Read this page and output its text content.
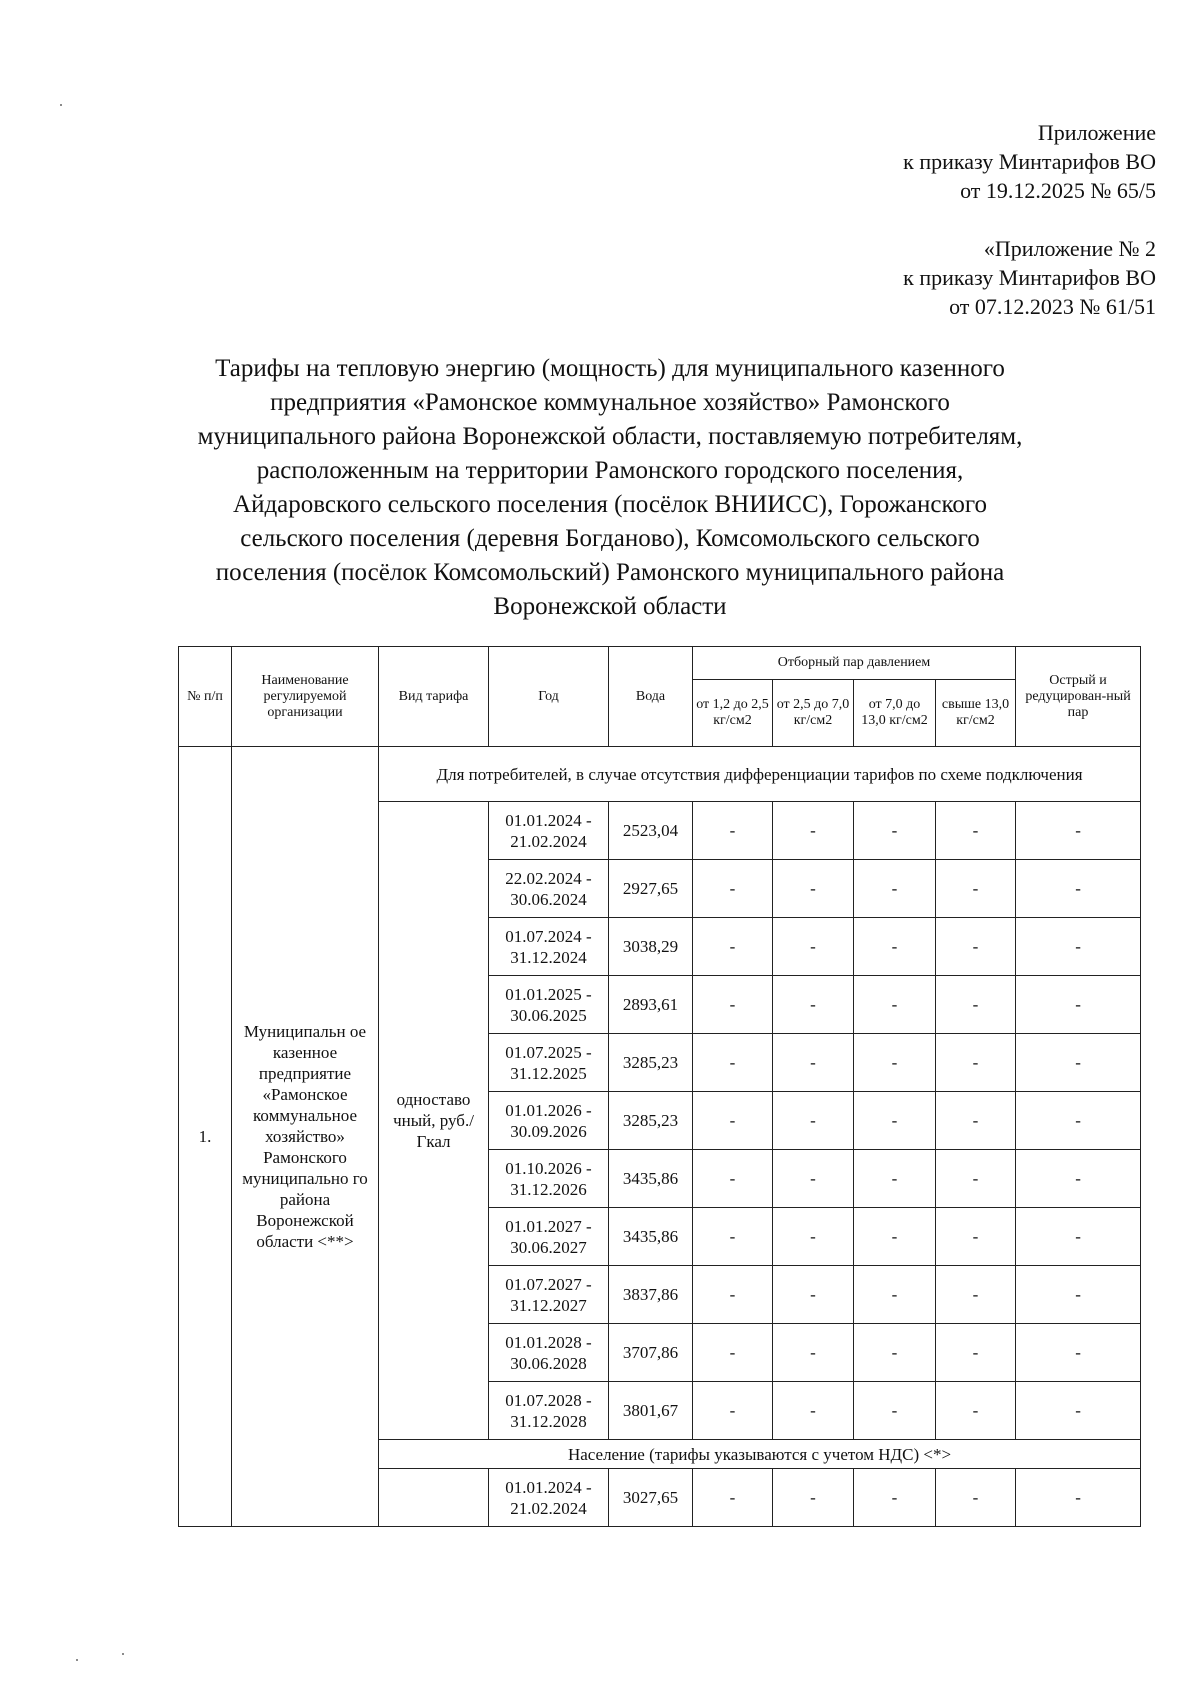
Приложение
к приказу Минтарифов ВО
от 19.12.2025 № 65/5
«Приложение № 2
к приказу Минтарифов ВО
от 07.12.2023 № 61/51
Тарифы на тепловую энергию (мощность) для муниципального казенного
предприятия «Рамонское коммунальное хозяйство» Рамонского
муниципального района Воронежской области, поставляемую потребителям,
расположенным на территории Рамонского городского поселения,
Айдаровского сельского поселения (посёлок ВНИИСС), Горожанского
сельского поселения (деревня Богданово), Комсомольского сельского
поселения (посёлок Комсомольский) Рамонского муниципального района
Воронежской области
№ п/п	Наименование регулируемой организации	Вид тарифа	Год	Вода	Отборный пар давлением				Острый и редуцирован-ный пар
					от 1,2 до 2,5 кг/см2	от 2,5 до 7,0 кг/см2	от 7,0 до 13,0 кг/см2	свыше 13,0 кг/см2	
1.	Муниципальн ое казенное предприятие «Рамонское коммунальное хозяйство» Рамонского муниципально го района Воронежской области <**>	Для потребителей, в случае отсутствия дифференциации тарифов по схеме подключения							
		одноставо чный, руб./Гкал	01.01.2024 - 21.02.2024	2523,04	-	-	-	-	-
			22.02.2024 - 30.06.2024	2927,65	-	-	-	-	-
			01.07.2024 - 31.12.2024	3038,29	-	-	-	-	-
			01.01.2025 - 30.06.2025	2893,61	-	-	-	-	-
			01.07.2025 - 31.12.2025	3285,23	-	-	-	-	-
			01.01.2026 - 30.09.2026	3285,23	-	-	-	-	-
			01.10.2026 - 31.12.2026	3435,86	-	-	-	-	-
			01.01.2027 - 30.06.2027	3435,86	-	-	-	-	-
			01.07.2027 - 31.12.2027	3837,86	-	-	-	-	-
			01.01.2028 - 30.06.2028	3707,86	-	-	-	-	-
			01.07.2028 - 31.12.2028	3801,67	-	-	-	-	-
		Население (тарифы указываются с учетом НДС) <*>							
			01.01.2024 - 21.02.2024	3027,65	-	-	-	-	-
